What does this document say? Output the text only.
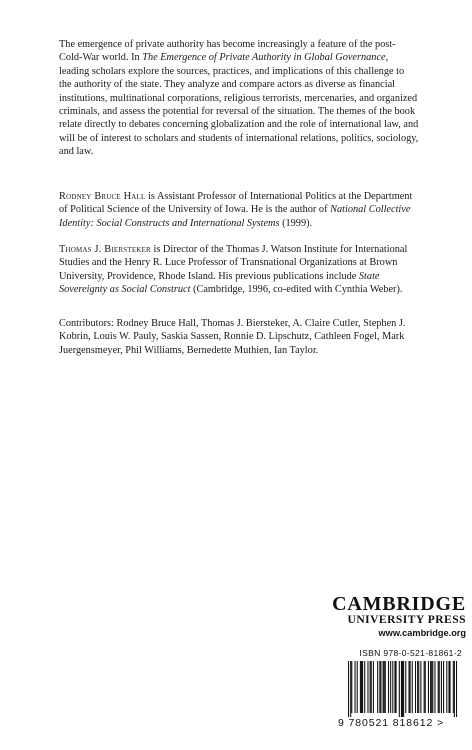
The emergence of private authority has become increasingly a feature of the post-Cold-War world. In The Emergence of Private Authority in Global Governance, leading scholars explore the sources, practices, and implications of this challenge to the authority of the state. They analyze and compare actors as diverse as financial institutions, multinational corporations, religious terrorists, mercenaries, and organized criminals, and assess the potential for reversal of the situation. The themes of the book relate directly to debates concerning globalization and the role of international law, and will be of interest to scholars and students of international relations, politics, sociology, and law.

Rodney Bruce Hall is Assistant Professor of International Politics at the Department of Political Science of the University of Iowa. He is the author of National Collective Identity: Social Constructs and International Systems (1999).

Thomas J. Biersteker is Director of the Thomas J. Watson Institute for International Studies and the Henry R. Luce Professor of Transnational Organizations at Brown University, Providence, Rhode Island. His previous publications include State Sovereignty as Social Construct (Cambridge, 1996, co-edited with Cynthia Weber).

Contributors: Rodney Bruce Hall, Thomas J. Biersteker, A. Claire Cutler, Stephen J. Kobrin, Louis W. Pauly, Saskia Sassen, Ronnie D. Lipschutz, Cathleen Fogel, Mark Juergensmeyer, Phil Williams, Bernedette Muthien, Ian Taylor.

CAMBRIDGE
UNIVERSITY PRESS
www.cambridge.org
ISBN 978-0-521-81861-2
9 780521 818612 >
